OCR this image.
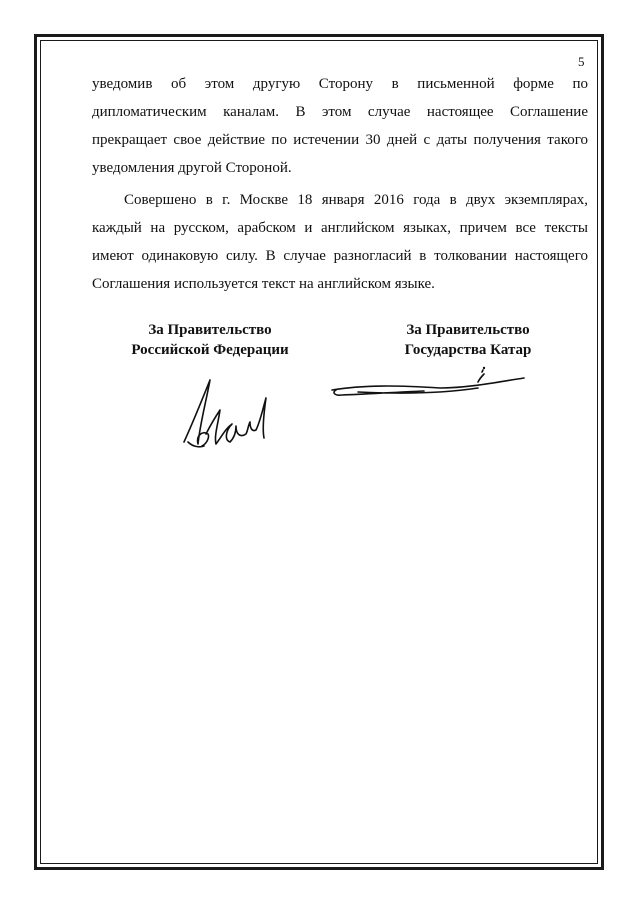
5
уведомив об этом другую Сторону в письменной форме по
дипломатическим каналам. В этом случае настоящее Соглашение
прекращает свое действие по истечении 30 дней с даты получения такого
уведомления другой Стороной.
Совершено в г. Москве 18 января 2016 года в двух экземплярах,
каждый на русском, арабском и английском языках, причем все тексты
имеют одинаковую силу. В случае разногласий в толковании настоящего
Соглашения используется текст на английском языке.
За Правительство
Российской Федерации
За Правительство
Государства Катар
